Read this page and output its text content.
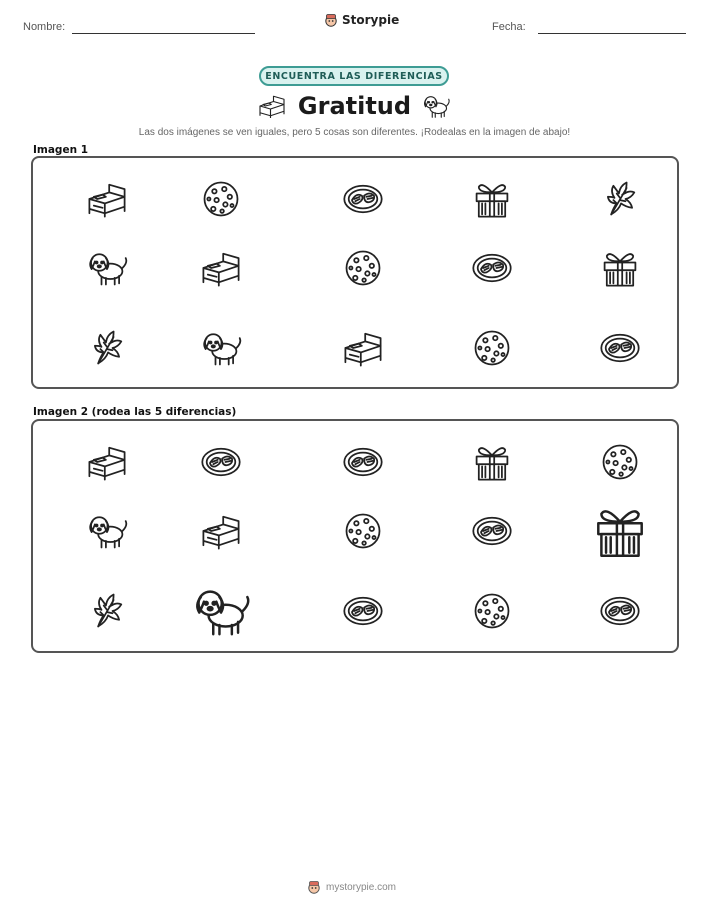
Nombre:	Storypie	Fecha:
ENCUENTRA LAS DIFERENCIAS
Gratitud
Las dos imágenes se ven iguales, pero 5 cosas son diferentes. ¡Rodealas en la imagen de abajo!
Imagen 1
Imagen 2 (rodea las 5 diferencias)
mystorypie.com
